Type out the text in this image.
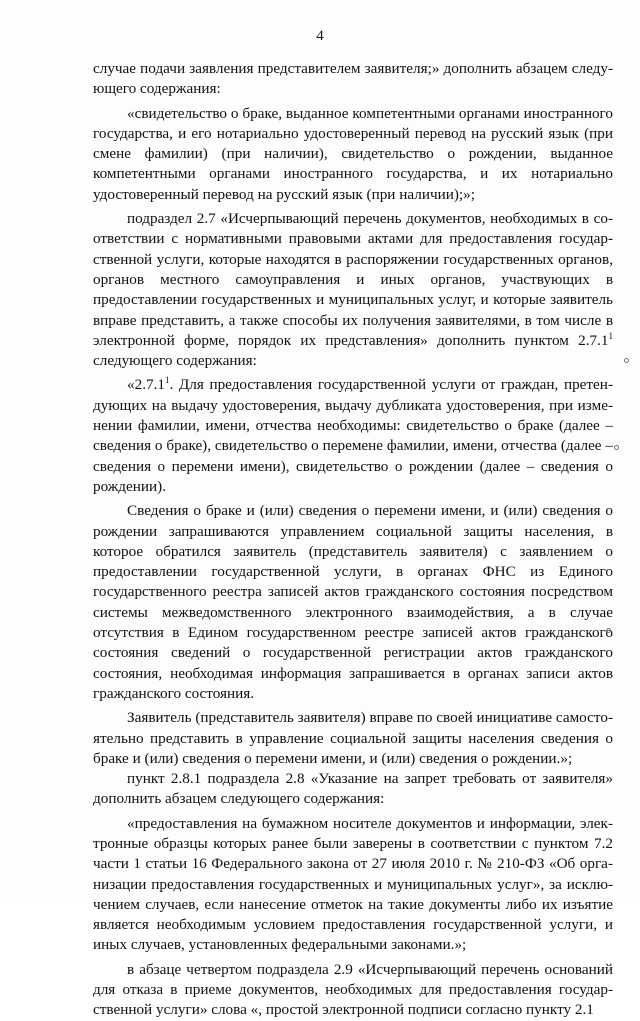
4

случае подачи заявления представителем заявителя;» дополнить абзацем следующего содержания:

«свидетельство о браке, выданное компетентными органами иностранного государства, и его нотариально удостоверенный перевод на русский язык (при смене фамилии) (при наличии), свидетельство о рождении, выданное компетентными органами иностранного государства, и их нотариально удостоверенный перевод на русский язык (при наличии);»;

подраздел 2.7 «Исчерпывающий перечень документов, необходимых в соответствии с нормативными правовыми актами для предоставления государственной услуги, которые находятся в распоряжении государственных органов, органов местного самоуправления и иных органов, участвующих в предоставлении государственных и муниципальных услуг, и которые заявитель вправе представить, а также способы их получения заявителями, в том числе в электронной форме, порядок их представления» дополнить пунктом 2.7.1$^1$ следующего содержания:

«2.7.1$^1$. Для предоставления государственной услуги от граждан, претендующих на выдачу удостоверения, выдачу дубликата удостоверения, при изменении фамилии, имени, отчества необходимы: свидетельство о браке (далее – сведения о браке), свидетельство о перемене фамилии, имени, отчества (далее – сведения о перемени имени), свидетельство о рождении (далее – сведения о рождении).

Сведения о браке и (или) сведения о перемени имени, и (или) сведения о рождении запрашиваются управлением социальной защиты населения, в которое обратился заявитель (представитель заявителя) с заявлением о предоставлении государственной услуги, в органах ФНС из Единого государственного реестра записей актов гражданского состояния посредством системы межведомственного электронного взаимодействия, а в случае отсутствия в Едином государственном реестре записей актов гражданского состояния сведений о государственной регистрации актов гражданского состояния, необходимая информация запрашивается в органах записи актов гражданского состояния.

Заявитель (представитель заявителя) вправе по своей инициативе самостоятельно представить в управление социальной защиты населения сведения о браке и (или) сведения о перемени имени, и (или) сведения о рождении.»;

пункт 2.8.1 подраздела 2.8 «Указание на запрет требовать от заявителя» дополнить абзацем следующего содержания:

«предоставления на бумажном носителе документов и информации, электронные образцы которых ранее были заверены в соответствии с пунктом 7.2 части 1 статьи 16 Федерального закона от 27 июля 2010 г. № 210-ФЗ «Об организации предоставления государственных и муниципальных услуг», за исключением случаев, если нанесение отметок на такие документы либо их изъятие является необходимым условием предоставления государственной услуги, и иных случаев, установленных федеральными законами.»;

в абзаце четвертом подраздела 2.9 «Исчерпывающий перечень оснований для отказа в приеме документов, необходимых для предоставления государственной услуги» слова «, простой электронной подписи согласно пункту 2.1
